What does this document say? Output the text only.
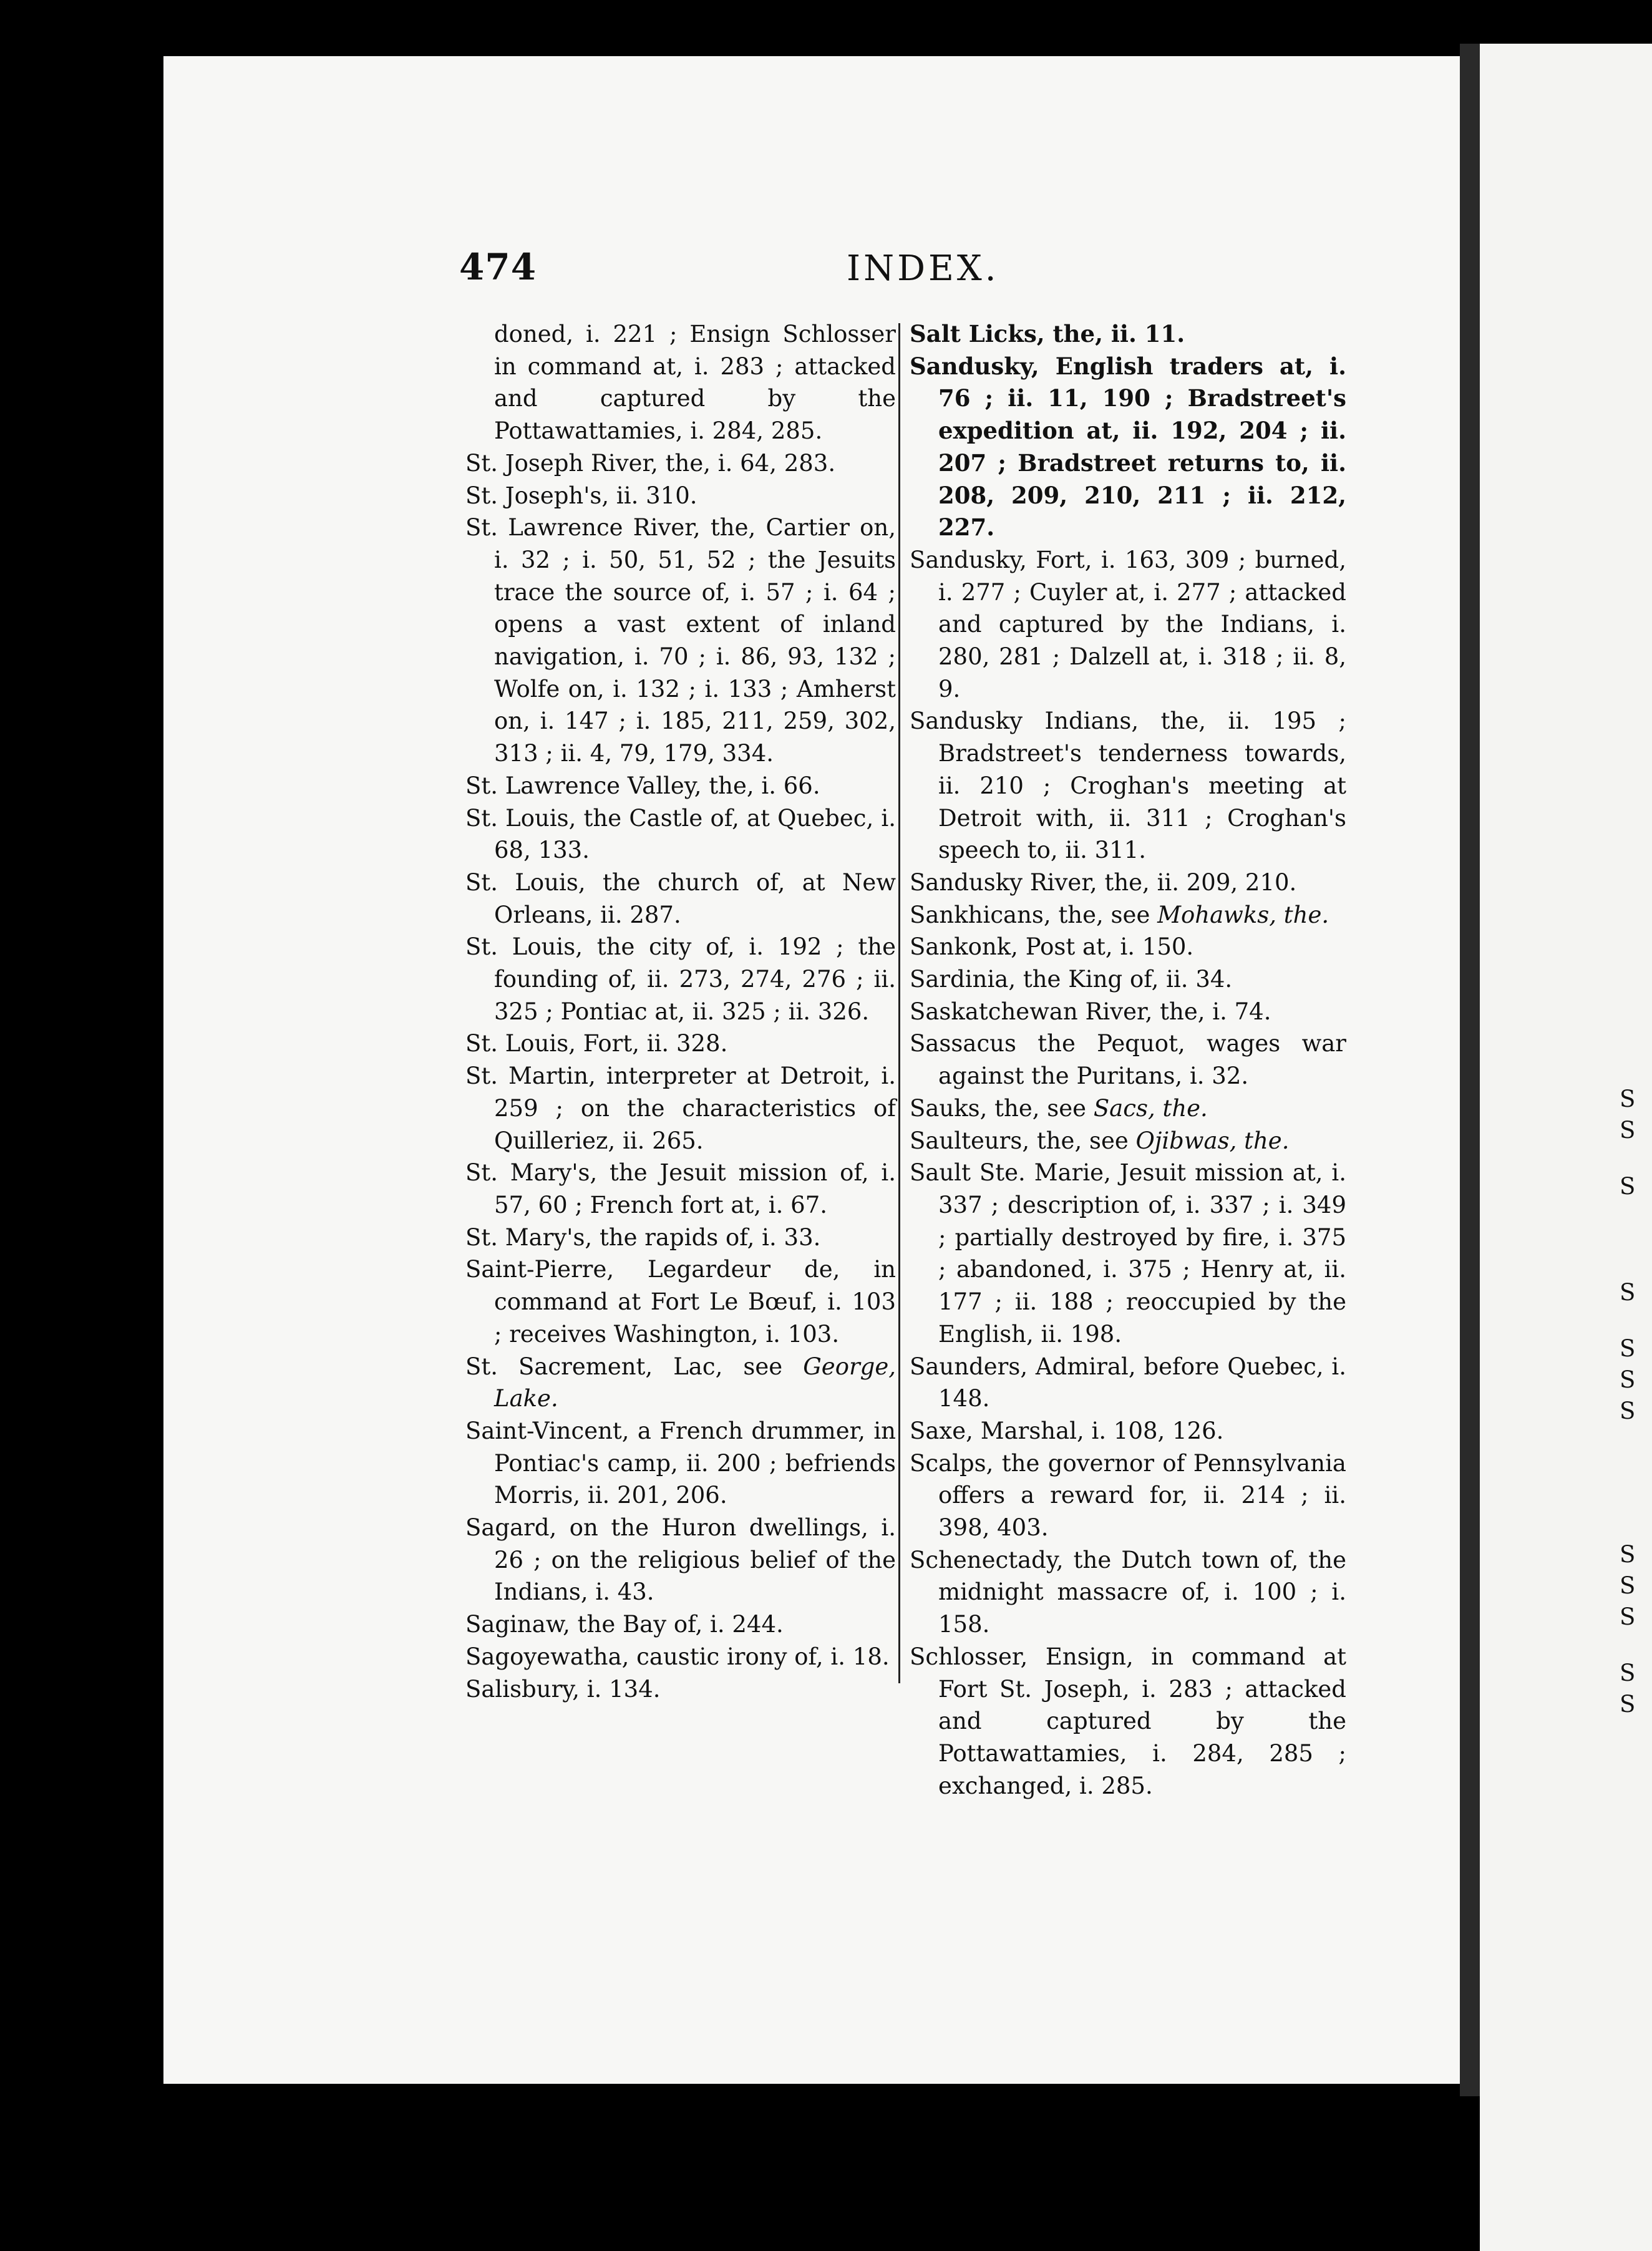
474	INDEX.
doned, i. 221 ; Ensign Schlosser in command at, i. 283 ; attacked and captured by the Pottawattamies, i. 284, 285.
St. Joseph River, the, i. 64, 283.
St. Joseph's, ii. 310.
St. Lawrence River, the, Cartier on, i. 32 ; i. 50, 51, 52 ; the Jesuits trace the source of, i. 57 ; i. 64 ; opens a vast extent of inland navigation, i. 70 ; i. 86, 93, 132 ; Wolfe on, i. 132 ; i. 133 ; Amherst on, i. 147 ; i. 185, 211, 259, 302, 313 ; ii. 4, 79, 179, 334.
St. Lawrence Valley, the, i. 66.
St. Louis, the Castle of, at Quebec, i. 68, 133.
St. Louis, the church of, at New Orleans, ii. 287.
St. Louis, the city of, i. 192 ; the founding of, ii. 273, 274, 276 ; ii. 325 ; Pontiac at, ii. 325 ; ii. 326.
St. Louis, Fort, ii. 328.
St. Martin, interpreter at Detroit, i. 259 ; on the characteristics of Quilleriez, ii. 265.
St. Mary's, the Jesuit mission of, i. 57, 60 ; French fort at, i. 67.
St. Mary's, the rapids of, i. 33.
Saint-Pierre, Legardeur de, in command at Fort Le Bœuf, i. 103 ; receives Washington, i. 103.
St. Sacrement, Lac, see George, Lake.
Saint-Vincent, a French drummer, in Pontiac's camp, ii. 200 ; befriends Morris, ii. 201, 206.
Sagard, on the Huron dwellings, i. 26 ; on the religious belief of the Indians, i. 43.
Saginaw, the Bay of, i. 244.
Sagoyewatha, caustic irony of, i. 18.
Salisbury, i. 134.
Salt Licks, the, ii. 11.
Sandusky, English traders at, i. 76 ; ii. 11, 190 ; Bradstreet's expedition at, ii. 192, 204 ; ii. 207 ; Bradstreet returns to, ii. 208, 209, 210, 211 ; ii. 212, 227.
Sandusky, Fort, i. 163, 309 ; burned, i. 277 ; Cuyler at, i. 277 ; attacked and captured by the Indians, i. 280, 281 ; Dalzell at, i. 318 ; ii. 8, 9.
Sandusky Indians, the, ii. 195 ; Bradstreet's tenderness towards, ii. 210 ; Croghan's meeting at Detroit with, ii. 311 ; Croghan's speech to, ii. 311.
Sandusky River, the, ii. 209, 210.
Sankhicans, the, see Mohawks, the.
Sankonk, Post at, i. 150.
Sardinia, the King of, ii. 34.
Saskatchewan River, the, i. 74.
Sassacus the Pequot, wages war against the Puritans, i. 32.
Sauks, the, see Sacs, the.
Saulteurs, the, see Ojibwas, the.
Sault Ste. Marie, Jesuit mission at, i. 337 ; description of, i. 337 ; i. 349 ; partially destroyed by fire, i. 375 ; abandoned, i. 375 ; Henry at, ii. 177 ; ii. 188 ; reoccupied by the English, ii. 198.
Saunders, Admiral, before Quebec, i. 148.
Saxe, Marshal, i. 108, 126.
Scalps, the governor of Pennsylvania offers a reward for, ii. 214 ; ii. 398, 403.
Schenectady, the Dutch town of, the midnight massacre of, i. 100 ; i. 158.
Schlosser, Ensign, in command at Fort St. Joseph, i. 283 ; attacked and captured by the Pottawattamies, i. 284, 285 ; exchanged, i. 285.
S
S
S
S
S
S
S
S
S
S
S
S
